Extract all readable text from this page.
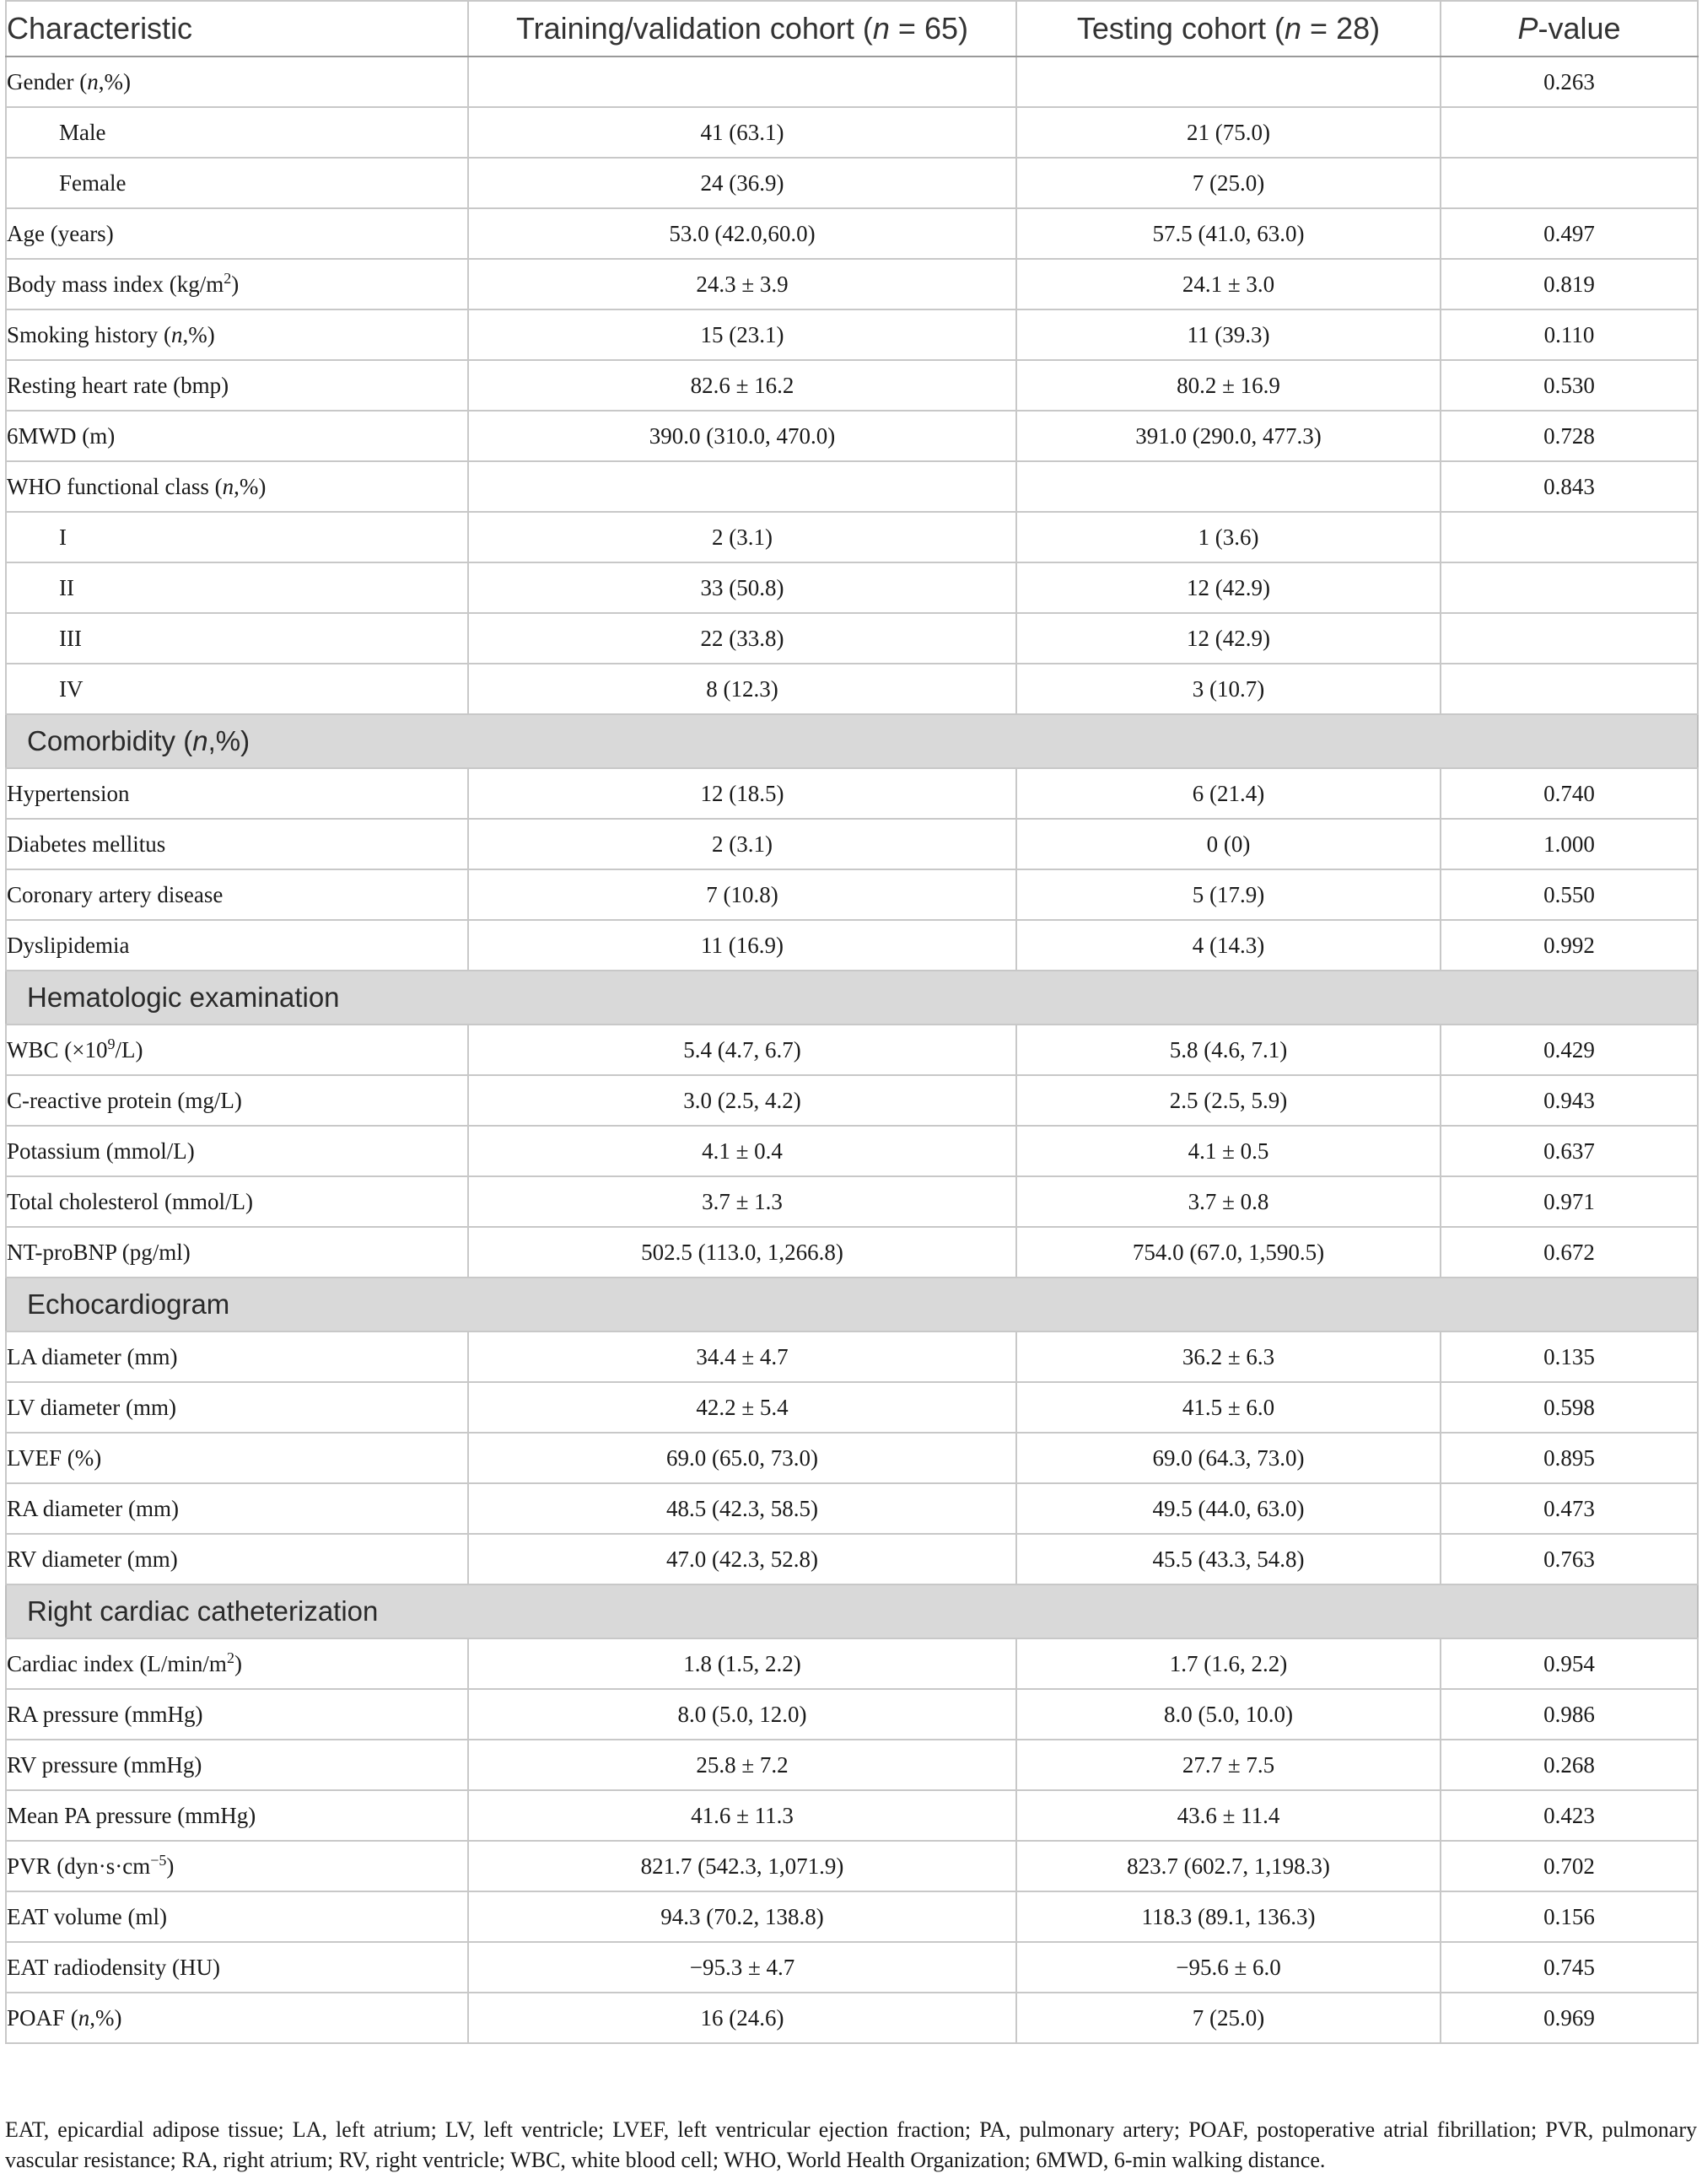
Characteristic	Training/validation cohort (n = 65)	Testing cohort (n = 28)	P-value
Gender (n,%)			0.263
Male	41 (63.1)	21 (75.0)	
Female	24 (36.9)	7 (25.0)	
Age (years)	53.0 (42.0,60.0)	57.5 (41.0, 63.0)	0.497
Body mass index $(kg/m^2)$	24.3 ± 3.9	24.1 ± 3.0	0.819
Smoking history (n,%)	15 (23.1)	11 (39.3)	0.110
Resting heart rate (bmp)	82.6 ± 16.2	80.2 ± 16.9	0.530
6MWD (m)	390.0 (310.0, 470.0)	391.0 (290.0, 477.3)	0.728
WHO functional class (n,%)			0.843
I	2 (3.1)	1 (3.6)	
II	33 (50.8)	12 (42.9)	
III	22 (33.8)	12 (42.9)	
IV	8 (12.3)	3 (10.7)	
Comorbidity (n,%)			
Hypertension	12 (18.5)	6 (21.4)	0.740
Diabetes mellitus	2 (3.1)	0 (0)	1.000
Coronary artery disease	7 (10.8)	5 (17.9)	0.550
Dyslipidemia	11 (16.9)	4 (14.3)	0.992
Hematologic examination			
WBC $(\times 10^9/L)$	5.4 (4.7, 6.7)	5.8 (4.6, 7.1)	0.429
C-reactive protein (mg/L)	3.0 (2.5, 4.2)	2.5 (2.5, 5.9)	0.943
Potassium (mmol/L)	4.1 ± 0.4	4.1 ± 0.5	0.637
Total cholesterol (mmol/L)	3.7 ± 1.3	3.7 ± 0.8	0.971
NT-proBNP (pg/ml)	502.5 (113.0, 1,266.8)	754.0 (67.0, 1,590.5)	0.672
Echocardiogram			
LA diameter (mm)	34.4 ± 4.7	36.2 ± 6.3	0.135
LV diameter (mm)	42.2 ± 5.4	41.5 ± 6.0	0.598
LVEF (%)	69.0 (65.0, 73.0)	69.0 (64.3, 73.0)	0.895
RA diameter (mm)	48.5 (42.3, 58.5)	49.5 (44.0, 63.0)	0.473
RV diameter (mm)	47.0 (42.3, 52.8)	45.5 (43.3, 54.8)	0.763
Right cardiac catheterization			
Cardiac index $(L/\min/m^2)$	1.8 (1.5, 2.2)	1.7 (1.6, 2.2)	0.954
RA pressure (mmHg)	8.0 (5.0, 12.0)	8.0 (5.0, 10.0)	0.986
RV pressure (mmHg)	25.8 ± 7.2	27.7 ± 7.5	0.268
Mean PA pressure (mmHg)	41.6 ± 11.3	43.6 ± 11.4	0.423
PVR $(dyn\cdot s\cdot cm^{-5})$	821.7 (542.3, 1,071.9)	823.7 (602.7, 1,198.3)	0.702
EAT volume (ml)	94.3 (70.2, 138.8)	118.3 (89.1, 136.3)	0.156
EAT radiodensity (HU)	−95.3 ± 4.7	−95.6 ± 6.0	0.745
POAF (n,%)	16 (24.6)	7 (25.0)	0.969
EAT, epicardial adipose tissue; LA, left atrium; LV, left ventricle; LVEF, left ventricular ejection fraction; PA, pulmonary artery; POAF, postoperative atrial fibrillation; PVR, pulmonary vascular resistance; RA, right atrium; RV, right ventricle; WBC, white blood cell; WHO, World Health Organization; 6MWD, 6-min walking distance.
